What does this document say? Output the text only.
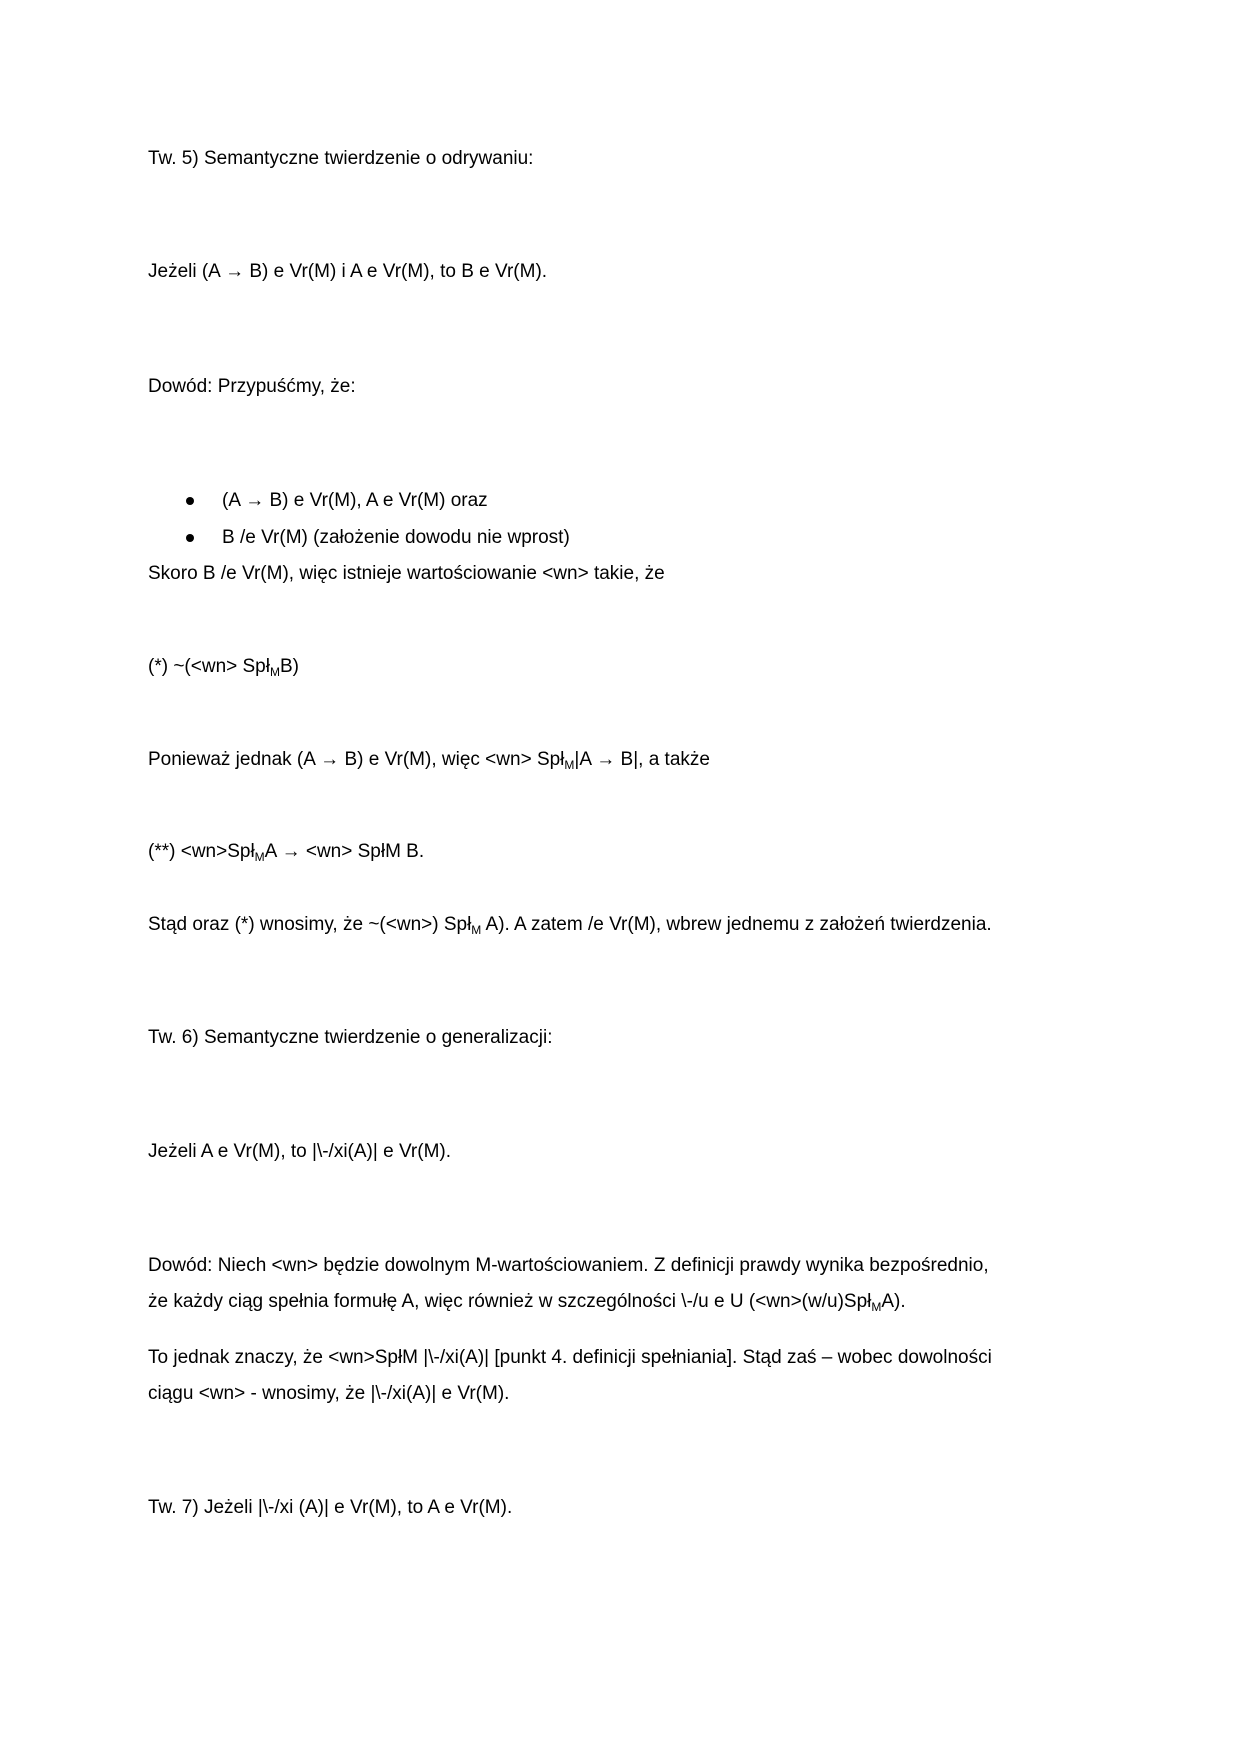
Tw. 5) Semantyczne twierdzenie o odrywaniu:
Jeżeli (A → B) e Vr(M) i A e Vr(M), to B e Vr(M).
Dowód: Przypuśćmy, że:
(A → B) e Vr(M), A e Vr(M) oraz
B /e Vr(M) (założenie dowodu nie wprost)
Skoro B /e Vr(M), więc istnieje wartościowanie <wn> takie, że
(*) ~(<wn> Spł$_M$B)
Ponieważ jednak (A → B) e Vr(M), więc <wn> Spł$_M$|A → B|, a także
(**) <wn>Spł$_M$A → <wn> SpłM B.
Stąd oraz (*) wnosimy, że ~(<wn>) Spł$_M$ A). A zatem /e Vr(M), wbrew jednemu z założeń twierdzenia.
Tw. 6) Semantyczne twierdzenie o generalizacji:
Jeżeli A e Vr(M), to |\-/xi(A)| e Vr(M).
Dowód: Niech <wn> będzie dowolnym M-wartościowaniem. Z definicji prawdy wynika bezpośrednio,
że każdy ciąg spełnia formułę A, więc również w szczególności \-/u e U (<wn>(w/u)Spł$_M$A).
To jednak znaczy, że <wn>SpłM |\-/xi(A)| [punkt 4. definicji spełniania]. Stąd zaś – wobec dowolności
ciągu <wn> - wnosimy, że |\-/xi(A)| e Vr(M).
Tw. 7) Jeżeli |\-/xi (A)| e Vr(M), to A e Vr(M).
